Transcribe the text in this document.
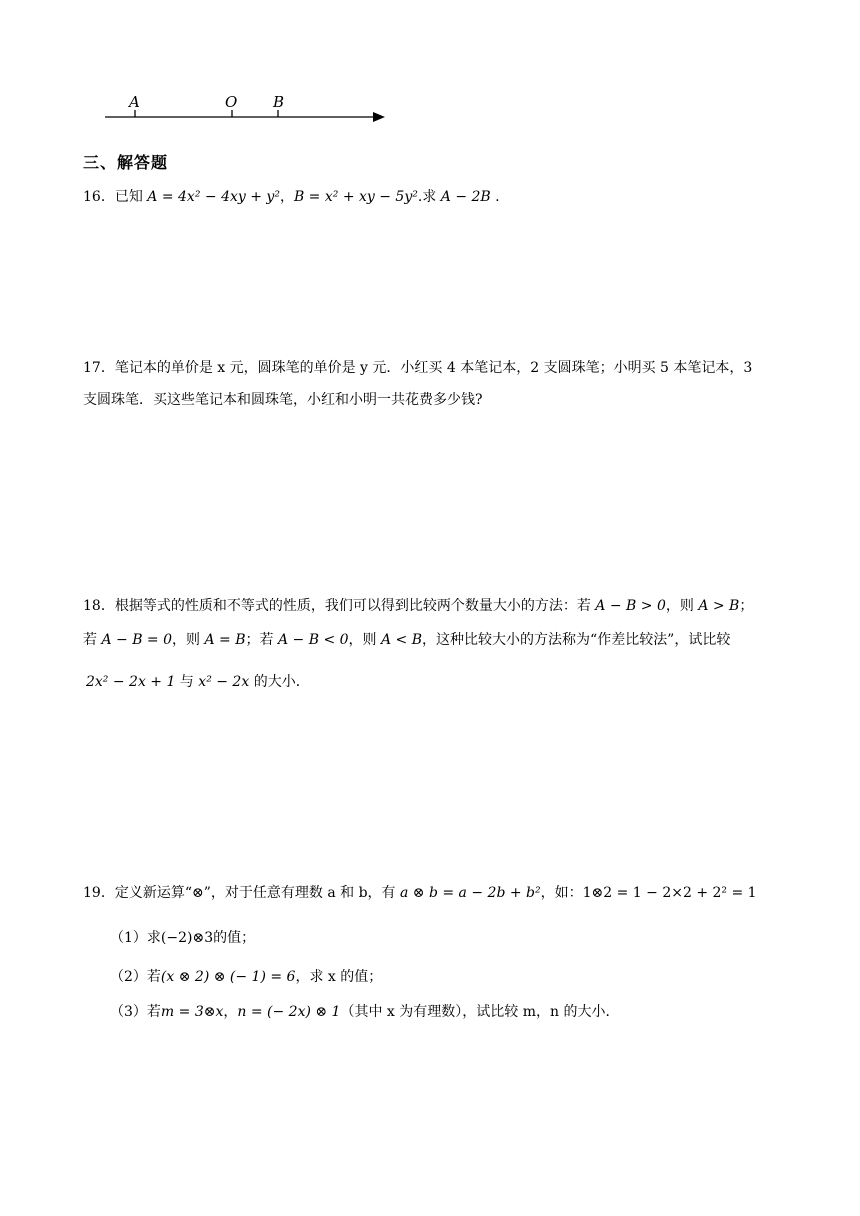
A	O B
三、解答题
16．已知 A = 4x² − 4xy + y²，B = x² + xy − 5y².求 A − 2B .
17．笔记本的单价是 x 元，圆珠笔的单价是 y 元．小红买 4 本笔记本，2 支圆珠笔；小明买 5 本笔记本，3
支圆珠笔．买这些笔记本和圆珠笔，小红和小明一共花费多少钱?
18．根据等式的性质和不等式的性质，我们可以得到比较两个数量大小的方法：若 A − B > 0，则 A > B；
若 A − B = 0，则 A = B；若 A − B < 0，则 A < B，这种比较大小的方法称为“作差比较法”，试比较
2x² − 2x + 1 与 x² − 2x 的大小．
19．定义新运算“⊗”，对于任意有理数 a 和 b，有 a ⊗ b = a − 2b + b²，如：1⊗2 = 1 − 2×2 + 2² = 1
（1）求(−2)⊗3的值；
（2）若(x ⊗ 2) ⊗ (− 1) = 6，求 x 的值；
（3）若m = 3⊗x，n = (− 2x) ⊗ 1（其中 x 为有理数），试比较 m，n 的大小．
